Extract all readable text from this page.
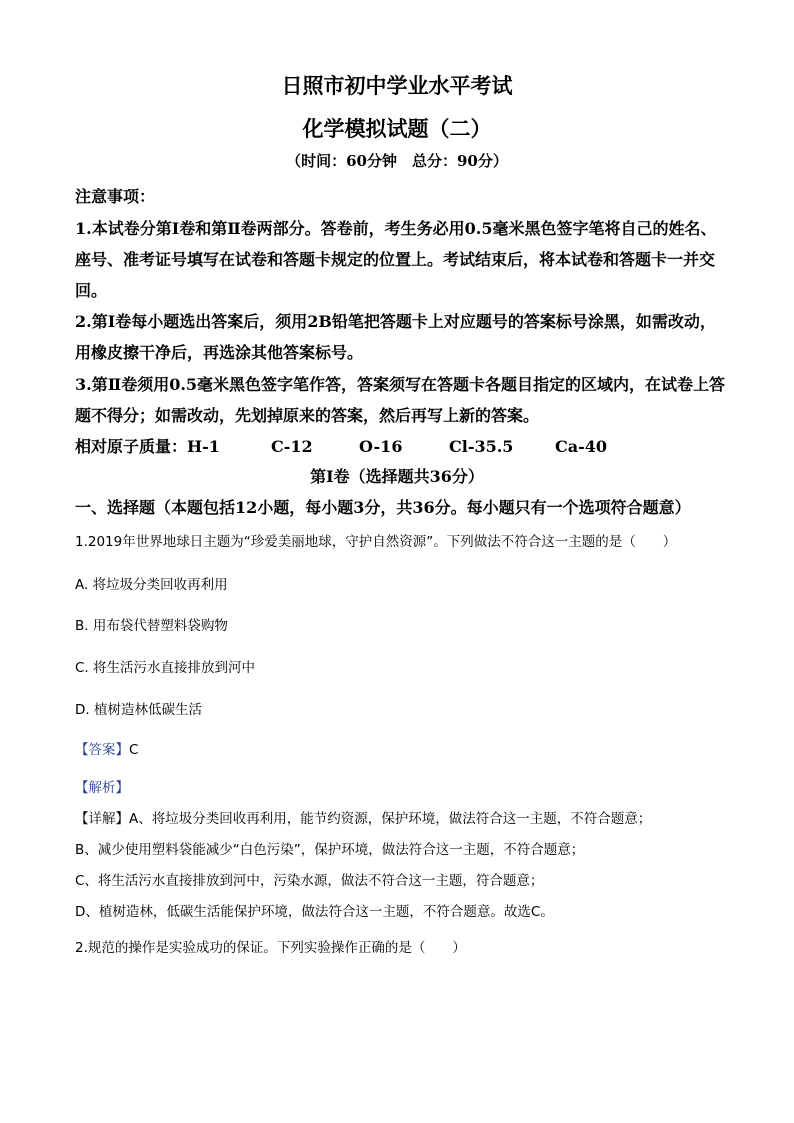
日照市初中学业水平考试
化学模拟试题（二）
（时间：60分钟　总分：90分）
注意事项：
1.本试卷分第Ⅰ卷和第Ⅱ卷两部分。答卷前，考生务必用0.5毫米黑色签字笔将自己的姓名、
座号、准考证号填写在试卷和答题卡规定的位置上。考试结束后，将本试卷和答题卡一并交
回。
2.第Ⅰ卷每小题选出答案后，须用2B铅笔把答题卡上对应题号的答案标号涂黑，如需改动，
用橡皮擦干净后，再选涂其他答案标号。
3.第Ⅱ卷须用0.5毫米黑色签字笔作答，答案须写在答题卡各题目指定的区域内，在试卷上答
题不得分；如需改动，先划掉原来的答案，然后再写上新的答案。
相对原子质量：H-1	C-12	O-16	Cl-35.5	Ca-40
第Ⅰ卷（选择题共36分）
一、选择题（本题包括12小题，每小题3分，共36分。每小题只有一个选项符合题意）
1.2019年世界地球日主题为“珍爱美丽地球，守护自然资源”。下列做法不符合这一主题的是（　　）
A. 将垃圾分类回收再利用
B. 用布袋代替塑料袋购物
C. 将生活污水直接排放到河中
D. 植树造林低碳生活
【答案】C
【解析】
【详解】A、将垃圾分类回收再利用，能节约资源，保护环境，做法符合这一主题，不符合题意；
B、减少使用塑料袋能减少“白色污染”，保护环境，做法符合这一主题，不符合题意；
C、将生活污水直接排放到河中，污染水源，做法不符合这一主题，符合题意；
D、植树造林，低碳生活能保护环境，做法符合这一主题，不符合题意。故选C。
2.规范的操作是实验成功的保证。下列实验操作正确的是（　　）
